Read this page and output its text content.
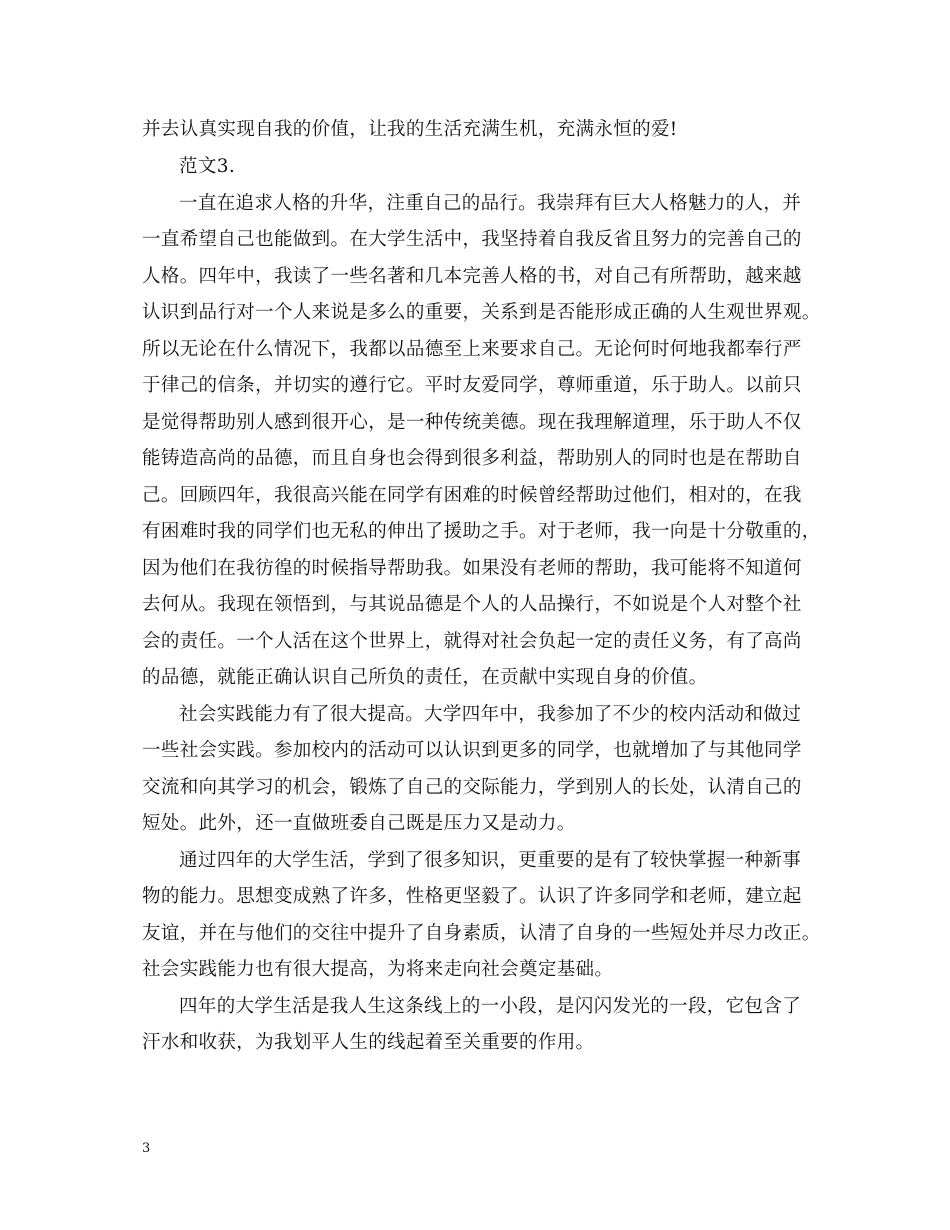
并去认真实现自我的价值，让我的生活充满生机，充满永恒的爱!
范文3.
一直在追求人格的升华，注重自己的品行。我崇拜有巨大人格魅力的人，并
一直希望自己也能做到。在大学生活中，我坚持着自我反省且努力的完善自己的
人格。四年中，我读了一些名著和几本完善人格的书，对自己有所帮助，越来越
认识到品行对一个人来说是多么的重要，关系到是否能形成正确的人生观世界观。
所以无论在什么情况下，我都以品德至上来要求自己。无论何时何地我都奉行严
于律己的信条，并切实的遵行它。平时友爱同学，尊师重道，乐于助人。以前只
是觉得帮助别人感到很开心，是一种传统美德。现在我理解道理，乐于助人不仅
能铸造高尚的品德，而且自身也会得到很多利益，帮助别人的同时也是在帮助自
己。回顾四年，我很高兴能在同学有困难的时候曾经帮助过他们，相对的，在我
有困难时我的同学们也无私的伸出了援助之手。对于老师，我一向是十分敬重的，
因为他们在我彷徨的时候指导帮助我。如果没有老师的帮助，我可能将不知道何
去何从。我现在领悟到，与其说品德是个人的人品操行，不如说是个人对整个社
会的责任。一个人活在这个世界上，就得对社会负起一定的责任义务，有了高尚
的品德，就能正确认识自己所负的责任，在贡献中实现自身的价值。
社会实践能力有了很大提高。大学四年中，我参加了不少的校内活动和做过
一些社会实践。参加校内的活动可以认识到更多的同学，也就增加了与其他同学
交流和向其学习的机会，锻炼了自己的交际能力，学到别人的长处，认清自己的
短处。此外，还一直做班委自己既是压力又是动力。
通过四年的大学生活，学到了很多知识，更重要的是有了较快掌握一种新事
物的能力。思想变成熟了许多，性格更坚毅了。认识了许多同学和老师，建立起
友谊，并在与他们的交往中提升了自身素质，认清了自身的一些短处并尽力改正。
社会实践能力也有很大提高，为将来走向社会奠定基础。
四年的大学生活是我人生这条线上的一小段，是闪闪发光的一段，它包含了
汗水和收获，为我划平人生的线起着至关重要的作用。
3
